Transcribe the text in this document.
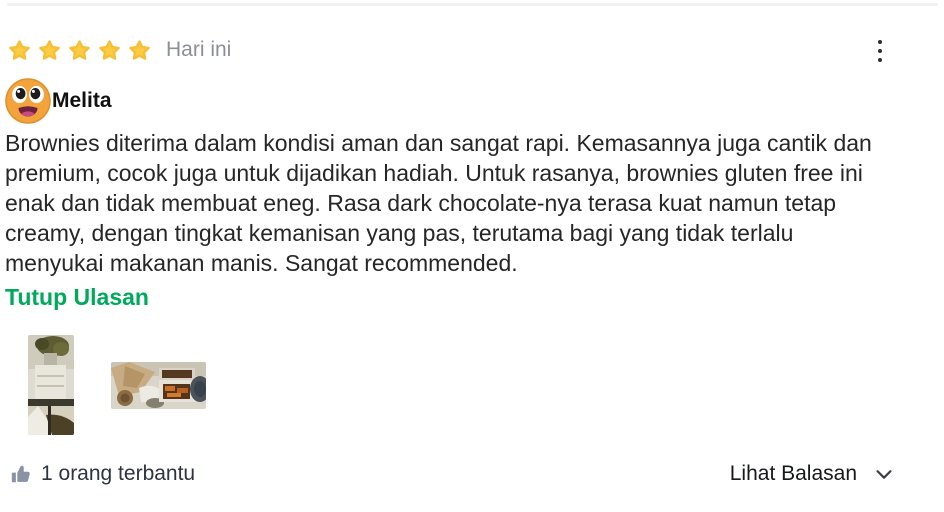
Hari ini
Melita

Brownies diterima dalam kondisi aman dan sangat rapi. Kemasannya juga cantik dan premium, cocok juga untuk dijadikan hadiah. Untuk rasanya, brownies gluten free ini enak dan tidak membuat eneg. Rasa dark chocolate-nya terasa kuat namun tetap creamy, dengan tingkat kemanisan yang pas, terutama bagi yang tidak terlalu menyukai makanan manis. Sangat recommended.

Tutup Ulasan
1 orang terbantu	Lihat Balasan
